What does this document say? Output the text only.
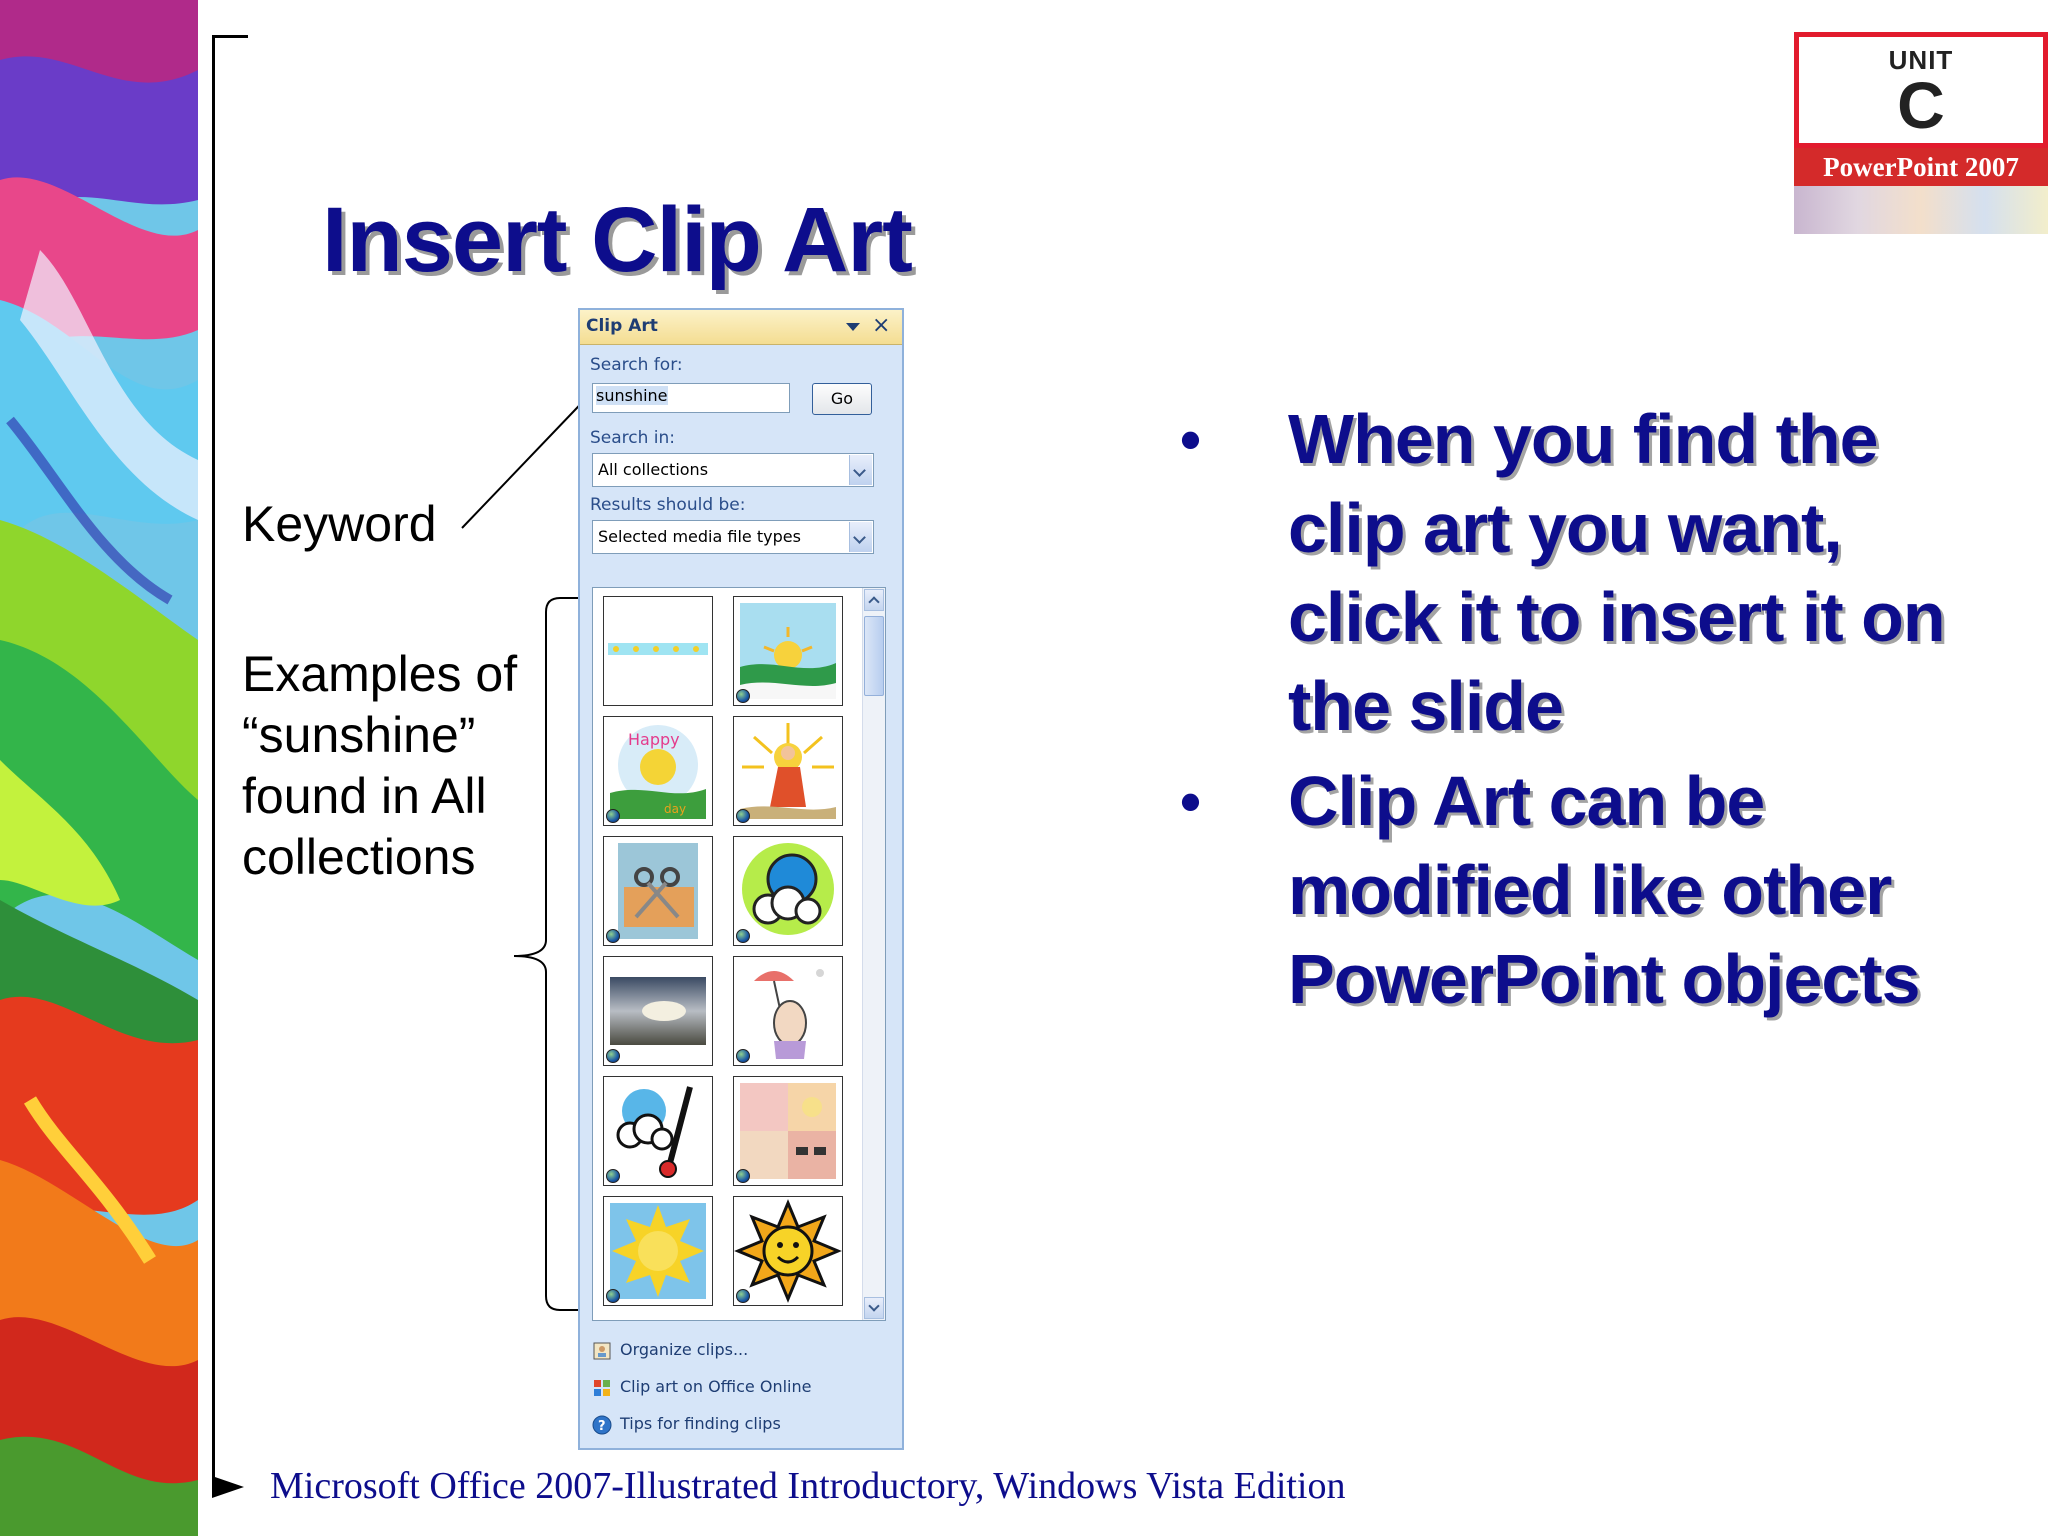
UNIT
C
PowerPoint 2007
Insert Clip Art
Keyword
Examples of “sunshine” found in All collections
Clip Art	×
Search for:
sunshine	Go
Search in:
All collections
Results should be:
Selected media file types
Happy
day
Organize clips...
Clip art on Office Online
? Tips for finding clips
• When you find the clip art you want, click it to insert it on the slide
• Clip Art can be modified like other PowerPoint objects
Microsoft Office 2007-Illustrated Introductory, Windows Vista Edition
